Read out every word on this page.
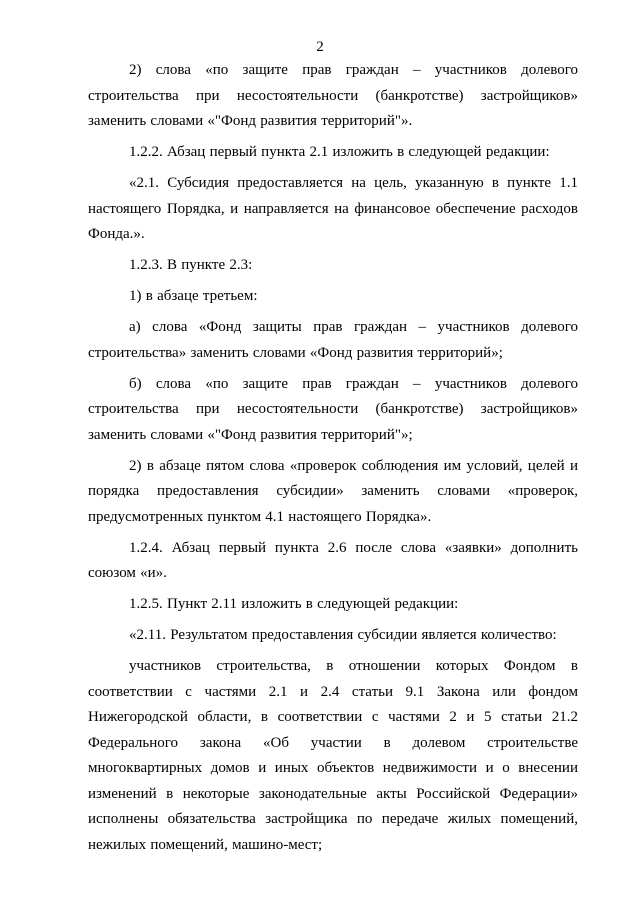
2

2) слова «по защите прав граждан – участников долевого строительства при несостоятельности (банкротстве) застройщиков» заменить словами «"Фонд развития территорий"».

1.2.2. Абзац первый пункта 2.1 изложить в следующей редакции:

«2.1. Субсидия предоставляется на цель, указанную в пункте 1.1 настоящего Порядка, и направляется на финансовое обеспечение расходов Фонда.».

1.2.3. В пункте 2.3:

1) в абзаце третьем:

а) слова «Фонд защиты прав граждан – участников долевого строительства» заменить словами «Фонд развития территорий»;

б) слова «по защите прав граждан – участников долевого строительства при несостоятельности (банкротстве) застройщиков» заменить словами «"Фонд развития территорий"»;

2) в абзаце пятом слова «проверок соблюдения им условий, целей и порядка предоставления субсидии» заменить словами «проверок, предусмотренных пунктом 4.1 настоящего Порядка».

1.2.4. Абзац первый пункта 2.6 после слова «заявки» дополнить союзом «и».

1.2.5. Пункт 2.11 изложить в следующей редакции:

«2.11. Результатом предоставления субсидии является количество:

участников строительства, в отношении которых Фондом в соответствии с частями 2.1 и 2.4 статьи 9.1 Закона или фондом Нижегородской области, в соответствии с частями 2 и 5 статьи 21.2 Федерального закона «Об участии в долевом строительстве многоквартирных домов и иных объектов недвижимости и о внесении изменений в некоторые законодательные акты Российской Федерации» исполнены обязательства застройщика по передаче жилых помещений, нежилых помещений, машино-мест;
